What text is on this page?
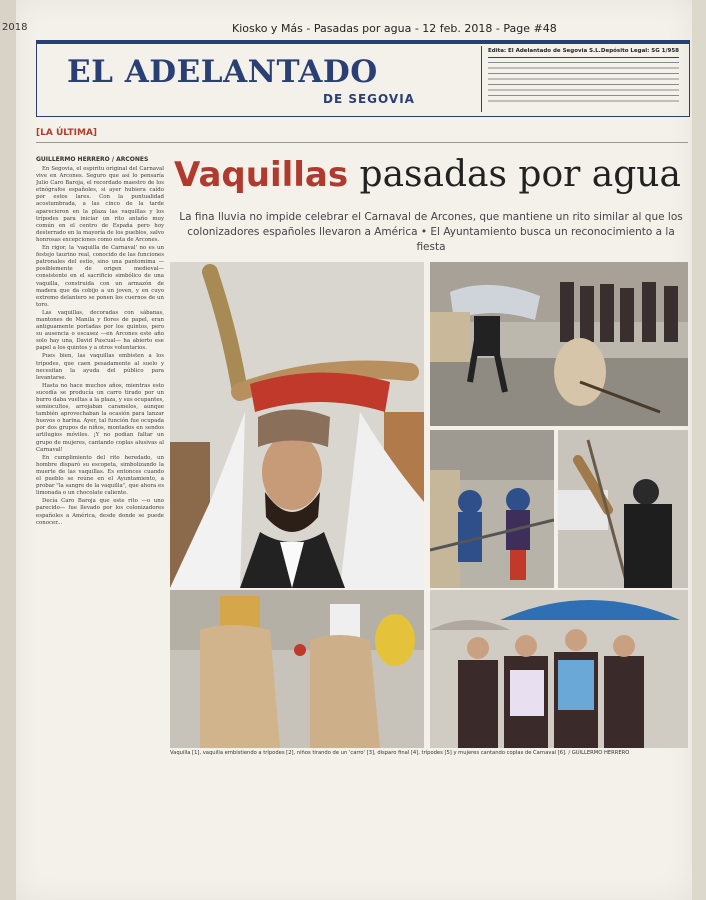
2018	Kiosko y Más - Pasadas por agua - 12 feb. 2018 - Page #48
EL ADELANTADO
DE SEGOVIA
Edita: El Adelantado de Segovia S.L. Depósito Legal: SG 1/958
[LA ÚLTIMA]
GUILLERMO HERRERO / ARCONES

En Segovia, el espíritu original del Carnaval vive en Arcones. Seguro que así lo pensaría Julio Caro Baroja, el recordado maestro de los etnógrafos españoles, si ayer hubiera caído por estos lares. Con la puntualidad acostumbrada, a las cinco de la tarde aparecieron en la plaza las vaquillas y los trípodes para iniciar un rito antaño muy común en el centro de España pero hoy desterrado en la mayoría de los pueblos, salvo honrosas excepciones como esta de Arcones.

En rigor, la 'vaquilla de Carnaval' no es un festejo taurino real, conocido de las funciones patronales del estío, sino una pantomima —posiblemente de origen medieval— consistente en el sacrificio simbólico de una vaquilla, construida con un armazón de madera que da cobijo a un joven, y en cuyo extremo delantero se ponen los cuernos de un toro.

Las vaquillas, decoradas con sábanas, mantones de Manila y flores de papel, eran antiguamente portadas por los quintos, pero su ausencia o escasez —en Arcones este año solo hay una, David Pascual— ha abierto ese papel a los quintos y a otros voluntarios.

Pues bien, las vaquillas embisten a los trípodes, que caen pesadamente al suelo y necesitan la ayuda del público para levantarse.

Hasta no hace muchos años, mientras esto sucedía se producía un carro tirado por un burro daba vueltas a la plaza, y sus ocupantes, semiocultos, arrojaban caramelos, aunque también aprovechaban la ocasión para lanzar huevos o harina. Ayer, tal función fue ocupada por dos grupos de niños, montados en sendos artilugios móviles. ¡Y no podían faltar un grupo de mujeres, cantando coplas alusivas al Carnaval!

En cumplimiento del rito heredado, un hombre disparó su escopeta, simbolizando la muerte de las vaquillas. Es entonces cuando el pueblo se reúne en el Ayuntamiento, a probar "la sangre de la vaquilla", que ahora es limonada o un chocolate caliente.

Decía Caro Baroja que este rito —o uno parecido— fue llevado por los colonizadores españoles a América, desde donde se puede conocer...

Vaquillas pasadas por agua
La fina lluvia no impide celebrar el Carnaval de Arcones, que mantiene un rito similar al que los colonizadores españoles llevaron a América • El Ayuntamiento busca un reconocimiento a la fiesta
Vaquilla [1], vaquilla embistiendo a trípodes [2], niños tirando de un 'carro' [3], disparo final [4], trípodes [5] y mujeres cantando coplas de Carnaval [6]. / GUILLERMO HERRERO
